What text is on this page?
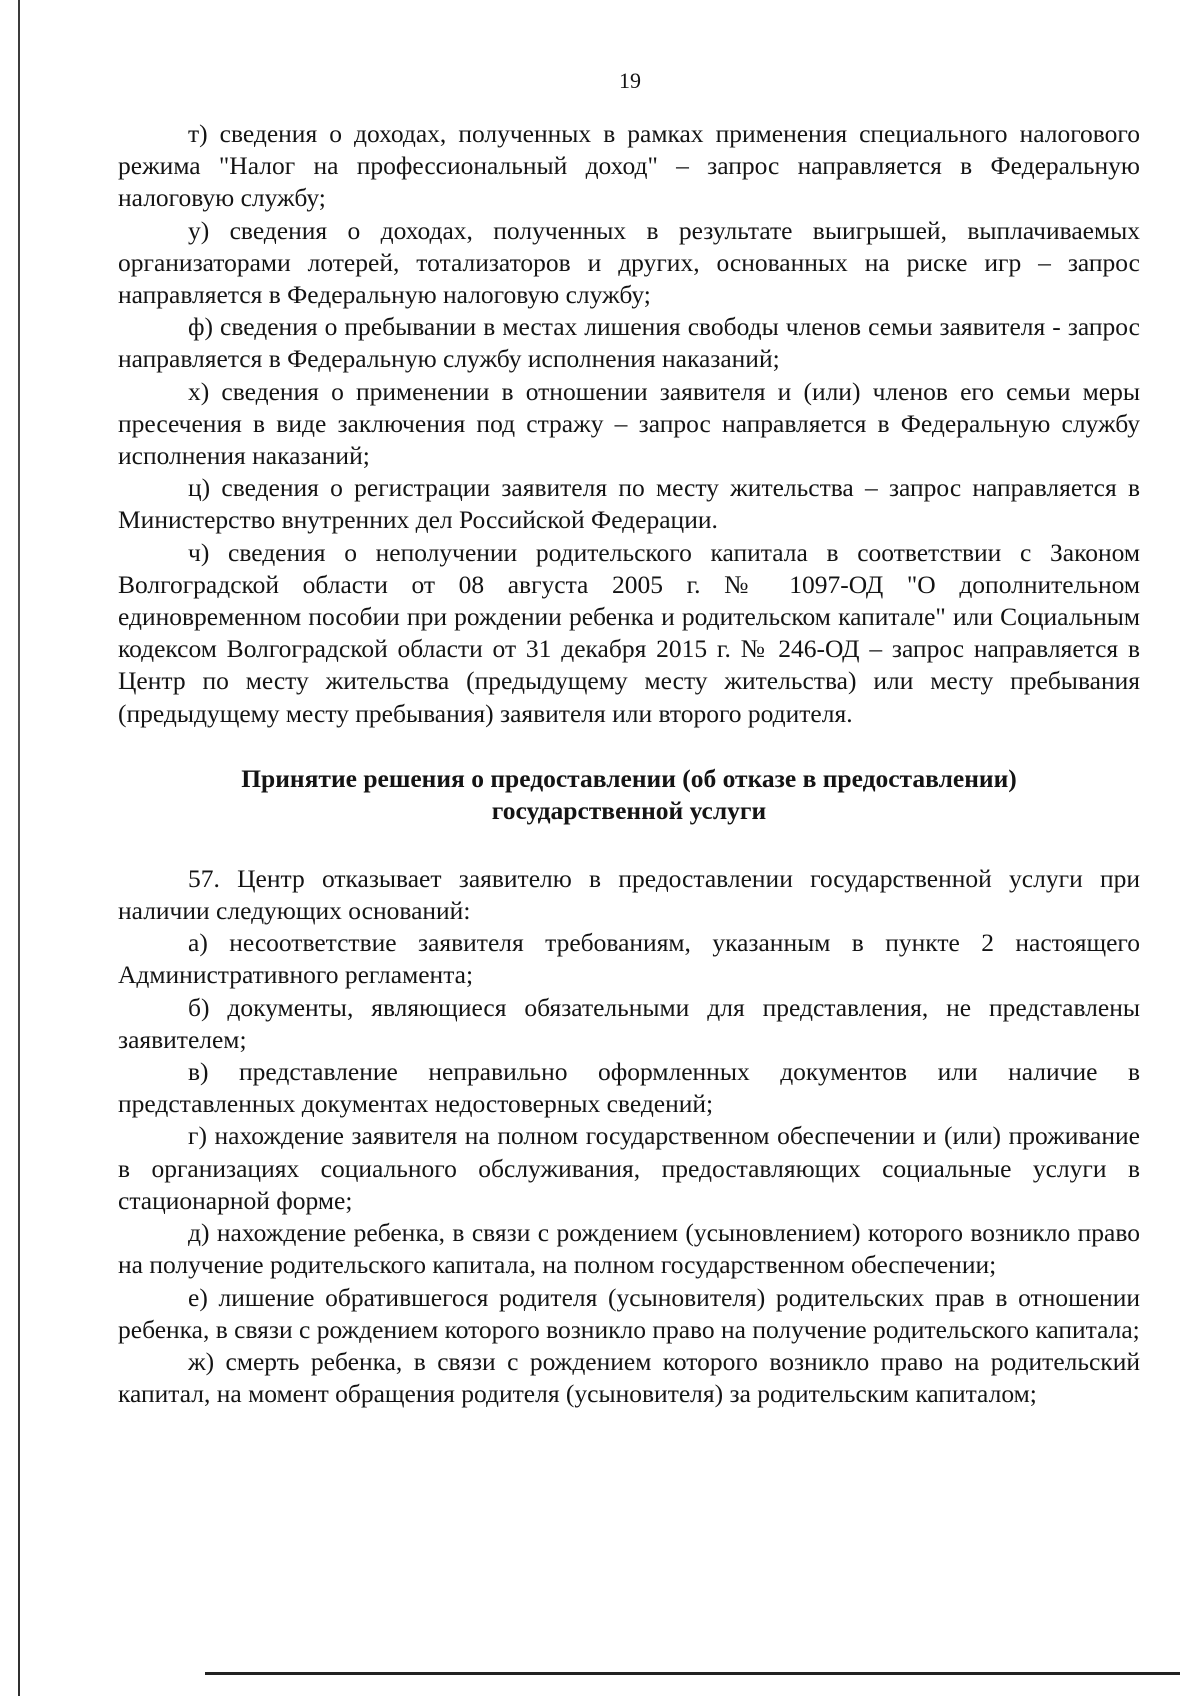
19

т) сведения о доходах, полученных в рамках применения специального налогового режима "Налог на профессиональный доход" – запрос направляется в Федеральную налоговую службу;

у) сведения о доходах, полученных в результате выигрышей, выплачиваемых организаторами лотерей, тотализаторов и других, основанных на риске игр – запрос направляется в Федеральную налоговую службу;

ф) сведения о пребывании в местах лишения свободы членов семьи заявителя - запрос направляется в Федеральную службу исполнения наказаний;

х) сведения о применении в отношении заявителя и (или) членов его семьи меры пресечения в виде заключения под стражу – запрос направляется в Федеральную службу исполнения наказаний;

ц) сведения о регистрации заявителя по месту жительства – запрос направляется в Министерство внутренних дел Российской Федерации.

ч) сведения о неполучении родительского капитала в соответствии с Законом Волгоградской области от 08 августа 2005 г. № 1097-ОД "О дополнительном единовременном пособии при рождении ребенка и родительском капитале" или Социальным кодексом Волгоградской области от 31 декабря 2015 г. № 246-ОД – запрос направляется в Центр по месту жительства (предыдущему месту жительства) или месту пребывания (предыдущему месту пребывания) заявителя или второго родителя.

Принятие решения о предоставлении (об отказе в предоставлении)
государственной услуги

57. Центр отказывает заявителю в предоставлении государственной услуги при наличии следующих оснований:

а) несоответствие заявителя требованиям, указанным в пункте 2 настоящего Административного регламента;

б) документы, являющиеся обязательными для представления, не представлены заявителем;

в) представление неправильно оформленных документов или наличие в представленных документах недостоверных сведений;

г) нахождение заявителя на полном государственном обеспечении и (или) проживание в организациях социального обслуживания, предоставляющих социальные услуги в стационарной форме;

д) нахождение ребенка, в связи с рождением (усыновлением) которого возникло право на получение родительского капитала, на полном государственном обеспечении;

е) лишение обратившегося родителя (усыновителя) родительских прав в отношении ребенка, в связи с рождением которого возникло право на получение родительского капитала;

ж) смерть ребенка, в связи с рождением которого возникло право на родительский капитал, на момент обращения родителя (усыновителя) за родительским капиталом;
